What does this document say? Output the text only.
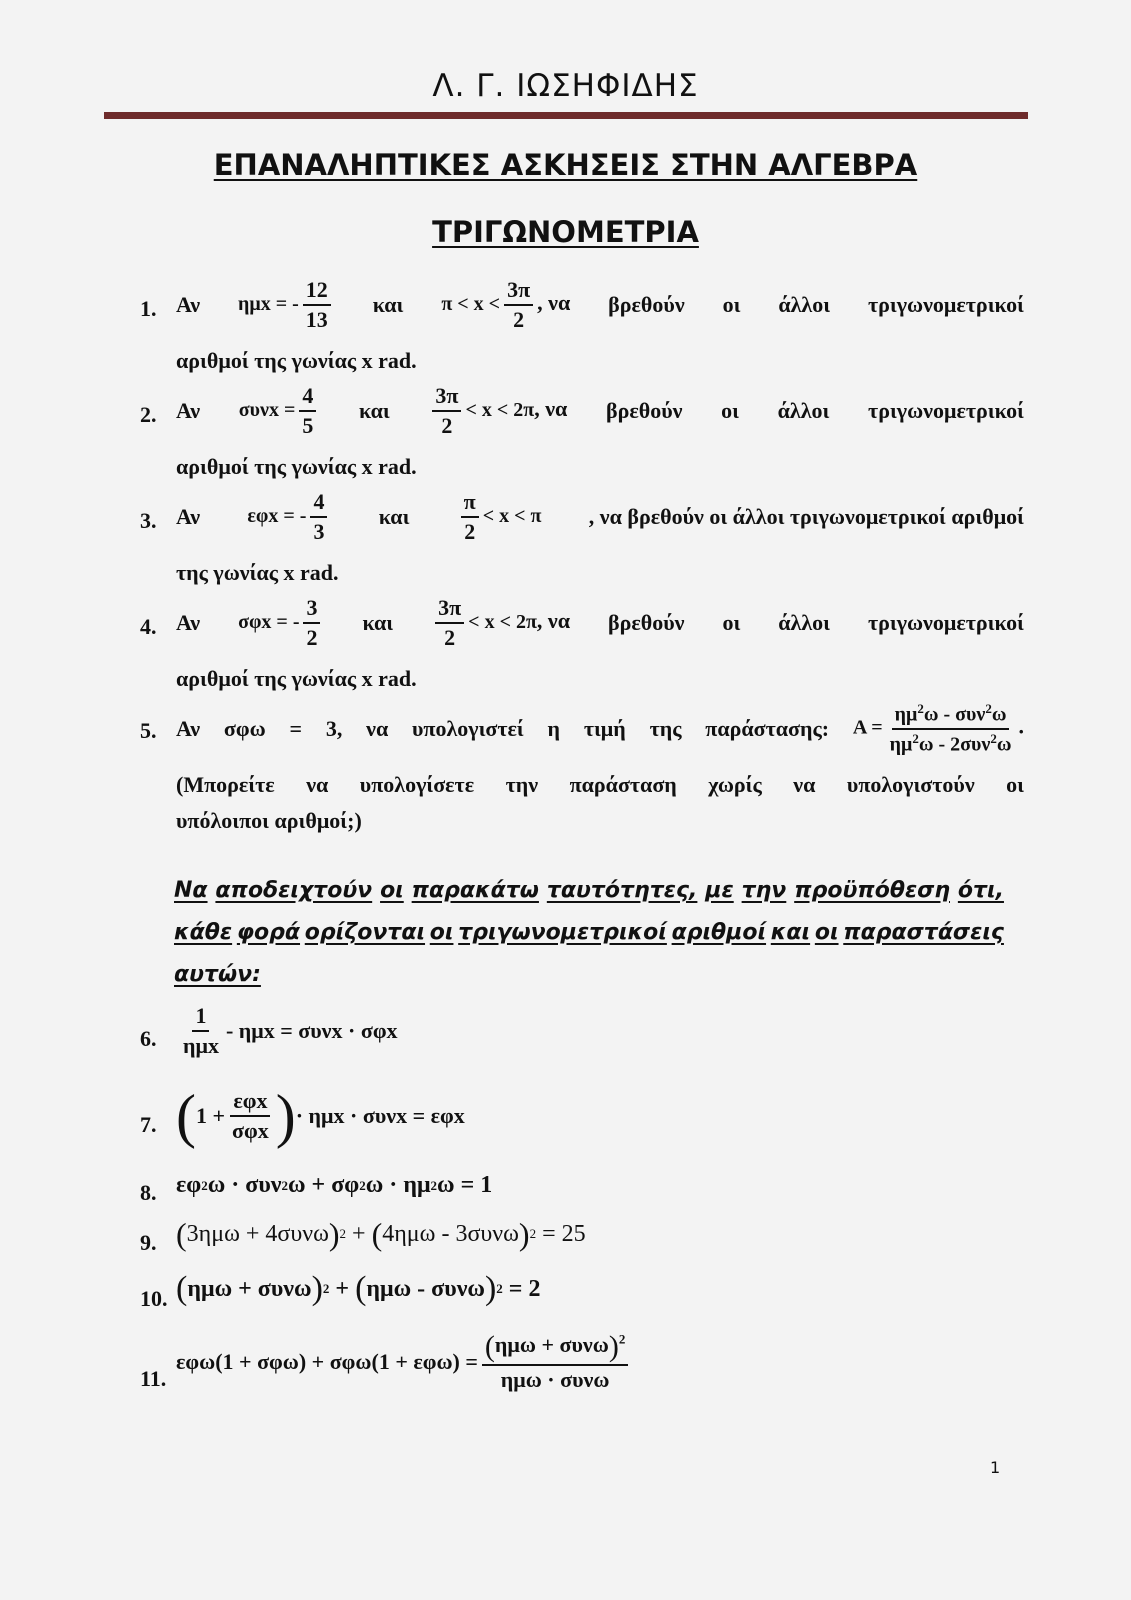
Λ. Γ. ΙΩΣΗΦΙΔΗΣ
ΕΠΑΝΑΛΗΠΤΙΚΕΣ ΑΣΚΗΣΕΙΣ ΣΤΗΝ ΑΛΓΕΒΡΑ
ΤΡΙΓΩΝΟΜΕΤΡΙΑ
1. Αν ημx = - $\frac{12}{13}$ και $\pi < x < \frac{3\pi}{2}$ , να βρεθούν οι άλλοι τριγωνομετρικοί
αριθμοί της γωνίας x rad.
2. Αν $\sigma\upsilon\nu x = \frac{4}{5}$ και $\frac{3\pi}{2} < x < 2\pi$, να βρεθούν οι άλλοι τριγωνομετρικοί
αριθμοί της γωνίας x rad.
3. Αν εφx = - $\frac{4}{3}$ και $\frac{\pi}{2} < x < \pi$ , να βρεθούν οι άλλοι τριγωνομετρικοί αριθμοί
της γωνίας x rad.
4. Αν σφx = - $\frac{3}{2}$ και $\frac{3\pi}{2} < x < 2\pi$, να βρεθούν οι άλλοι τριγωνομετρικοί
αριθμοί της γωνίας x rad.
5. Αν σφω = 3, να υπολογιστεί η τιμή της παράστασης: $A = \frac{\eta\mu^2\omega - \sigma\upsilon\nu^2\omega}{\eta\mu^2\omega - 2\sigma\upsilon\nu^2\omega}$ .
(Μπορείτε να υπολογίσετε την παράσταση χωρίς να υπολογιστούν οι
υπόλοιποι αριθμοί;)
Να αποδειχτούν οι παρακάτω ταυτότητες, με την προϋπόθεση ότι,
κάθε φορά ορίζονται οι τριγωνομετρικοί αριθμοί και οι παραστάσεις
αυτών:
6. $\frac{1}{\text{ημx}} - \eta\mu x = \sigma\upsilon\nu x \cdot \sigma\varphi x$
7. ( $1 + \frac{\text{εφx}}{\text{σφx}}$ ) · ημx · συνx = εφx
8. εφ 2 ω · συν 2 ω + σφ 2 ω · ημ 2 ω = 1
9. ( 3ημω + 4συνω ) 2 + ( 4ημω - 3συνω ) 2
= 25
10. ( ημω + συνω ) 2 + ( ημω - συνω ) 2
= 2
11.
$\varepsilon\varphi\omega(1 + \sigma\varphi\omega) + \sigma\varphi\omega(1 + \varepsilon\varphi\omega) = \frac{(\eta\mu\omega + \sigma\upsilon\nu\omega)^2}{\text{ημω · συνω}}$
1
